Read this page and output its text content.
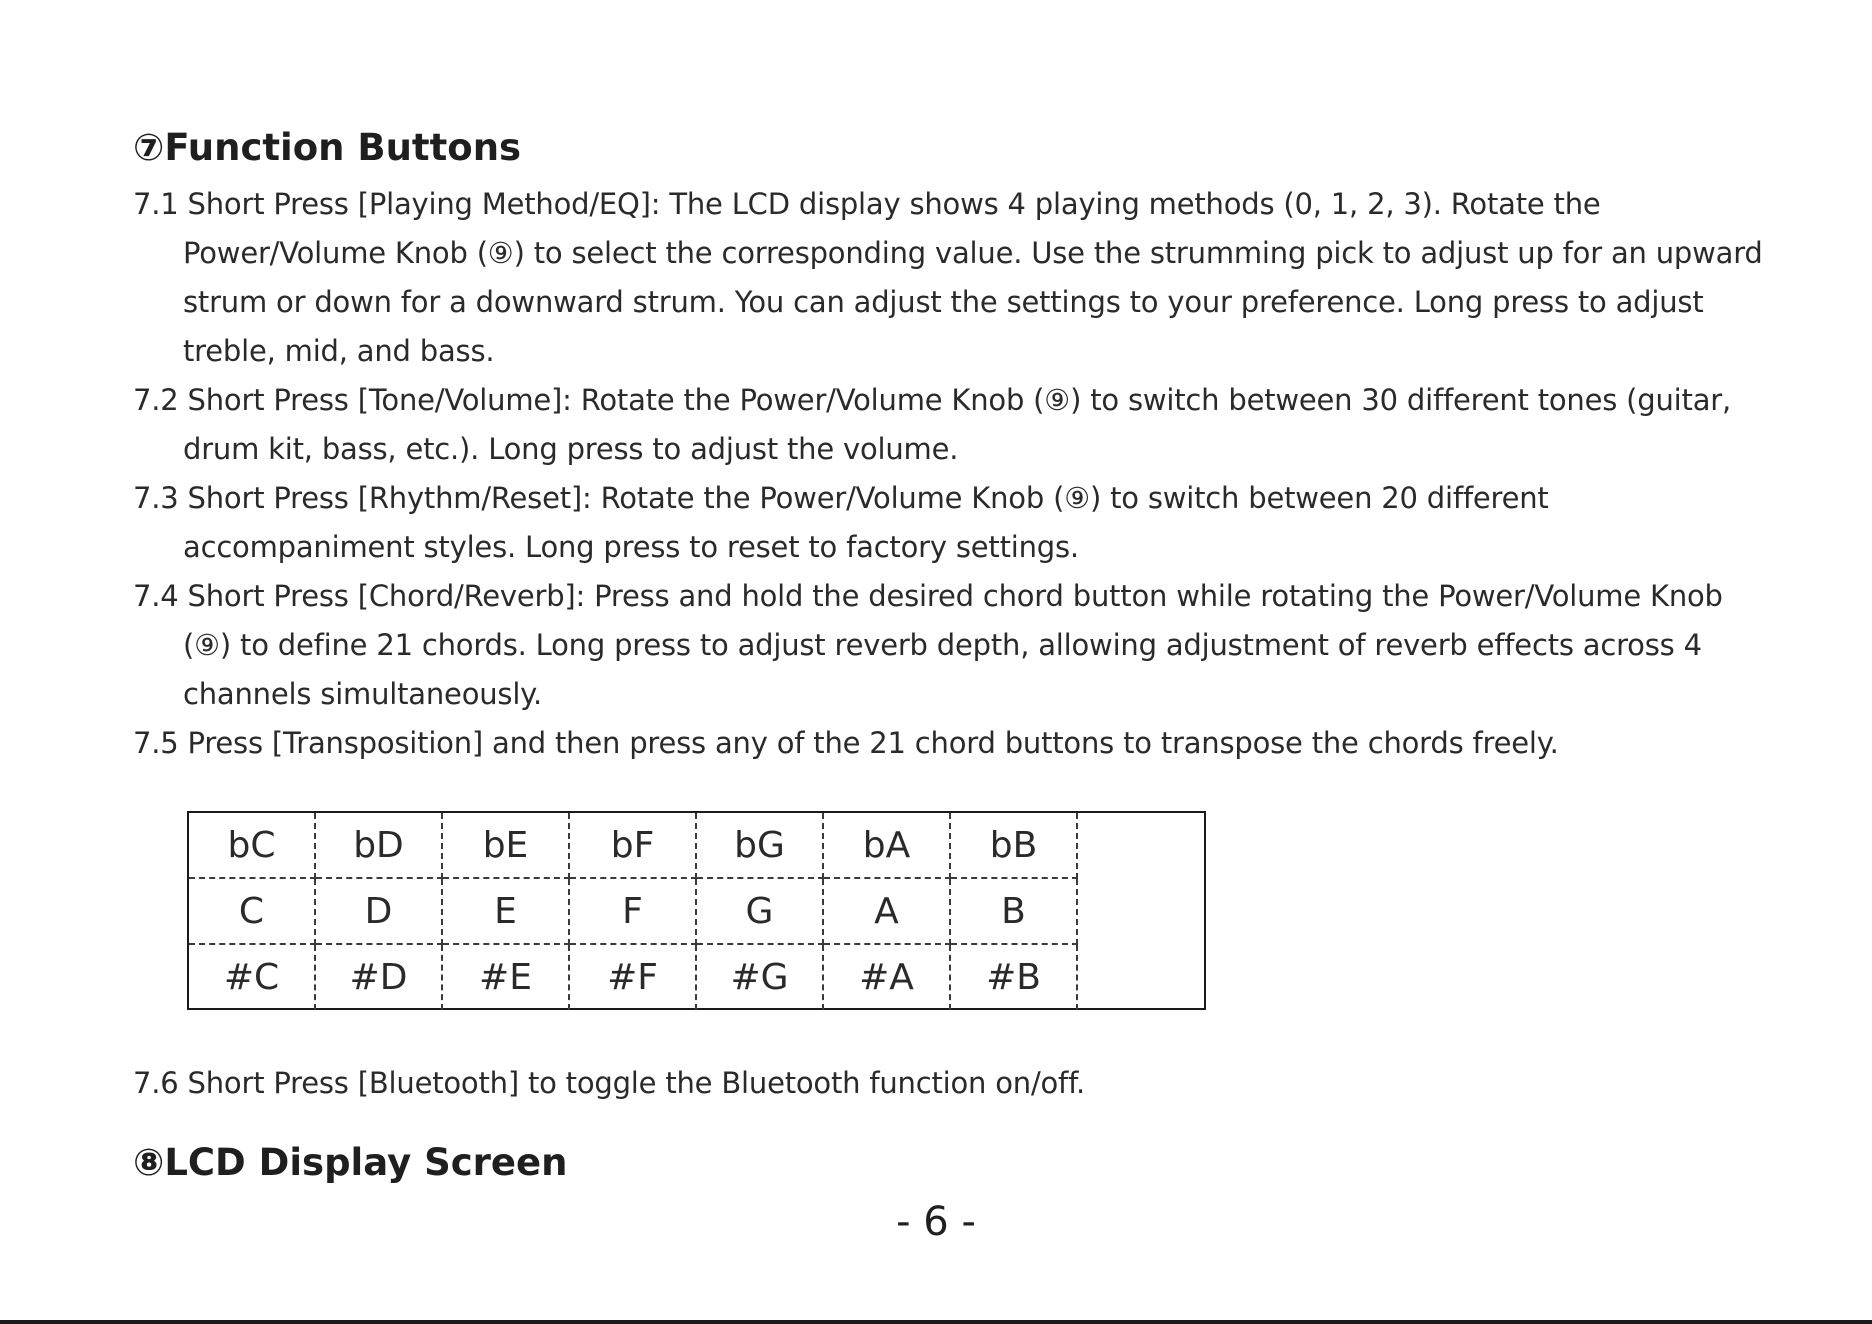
⑦Function Buttons
7.1 Short Press [Playing Method/EQ]: The LCD display shows 4 playing methods (0, 1, 2, 3). Rotate the Power/Volume Knob (⑨) to select the corresponding value. Use the strumming pick to adjust up for an upward strum or down for a downward strum. You can adjust the settings to your preference. Long press to adjust treble, mid, and bass.
7.2 Short Press [Tone/Volume]: Rotate the Power/Volume Knob (⑨) to switch between 30 different tones (guitar, drum kit, bass, etc.). Long press to adjust the volume.
7.3 Short Press [Rhythm/Reset]: Rotate the Power/Volume Knob (⑨) to switch between 20 different accompaniment styles. Long press to reset to factory settings.
7.4 Short Press [Chord/Reverb]: Press and hold the desired chord button while rotating the Power/Volume Knob (⑨) to define 21 chords. Long press to adjust reverb depth, allowing adjustment of reverb effects across 4 channels simultaneously.
7.5 Press [Transposition] and then press any of the 21 chord buttons to transpose the chords freely.
bC	bD	bE	bF	bG	bA	bB
C	D	E	F	G	A	B
#C	#D	#E	#F	#G	#A	#B
7.6 Short Press [Bluetooth] to toggle the Bluetooth function on/off.
⑧LCD Display Screen
- 6 -
